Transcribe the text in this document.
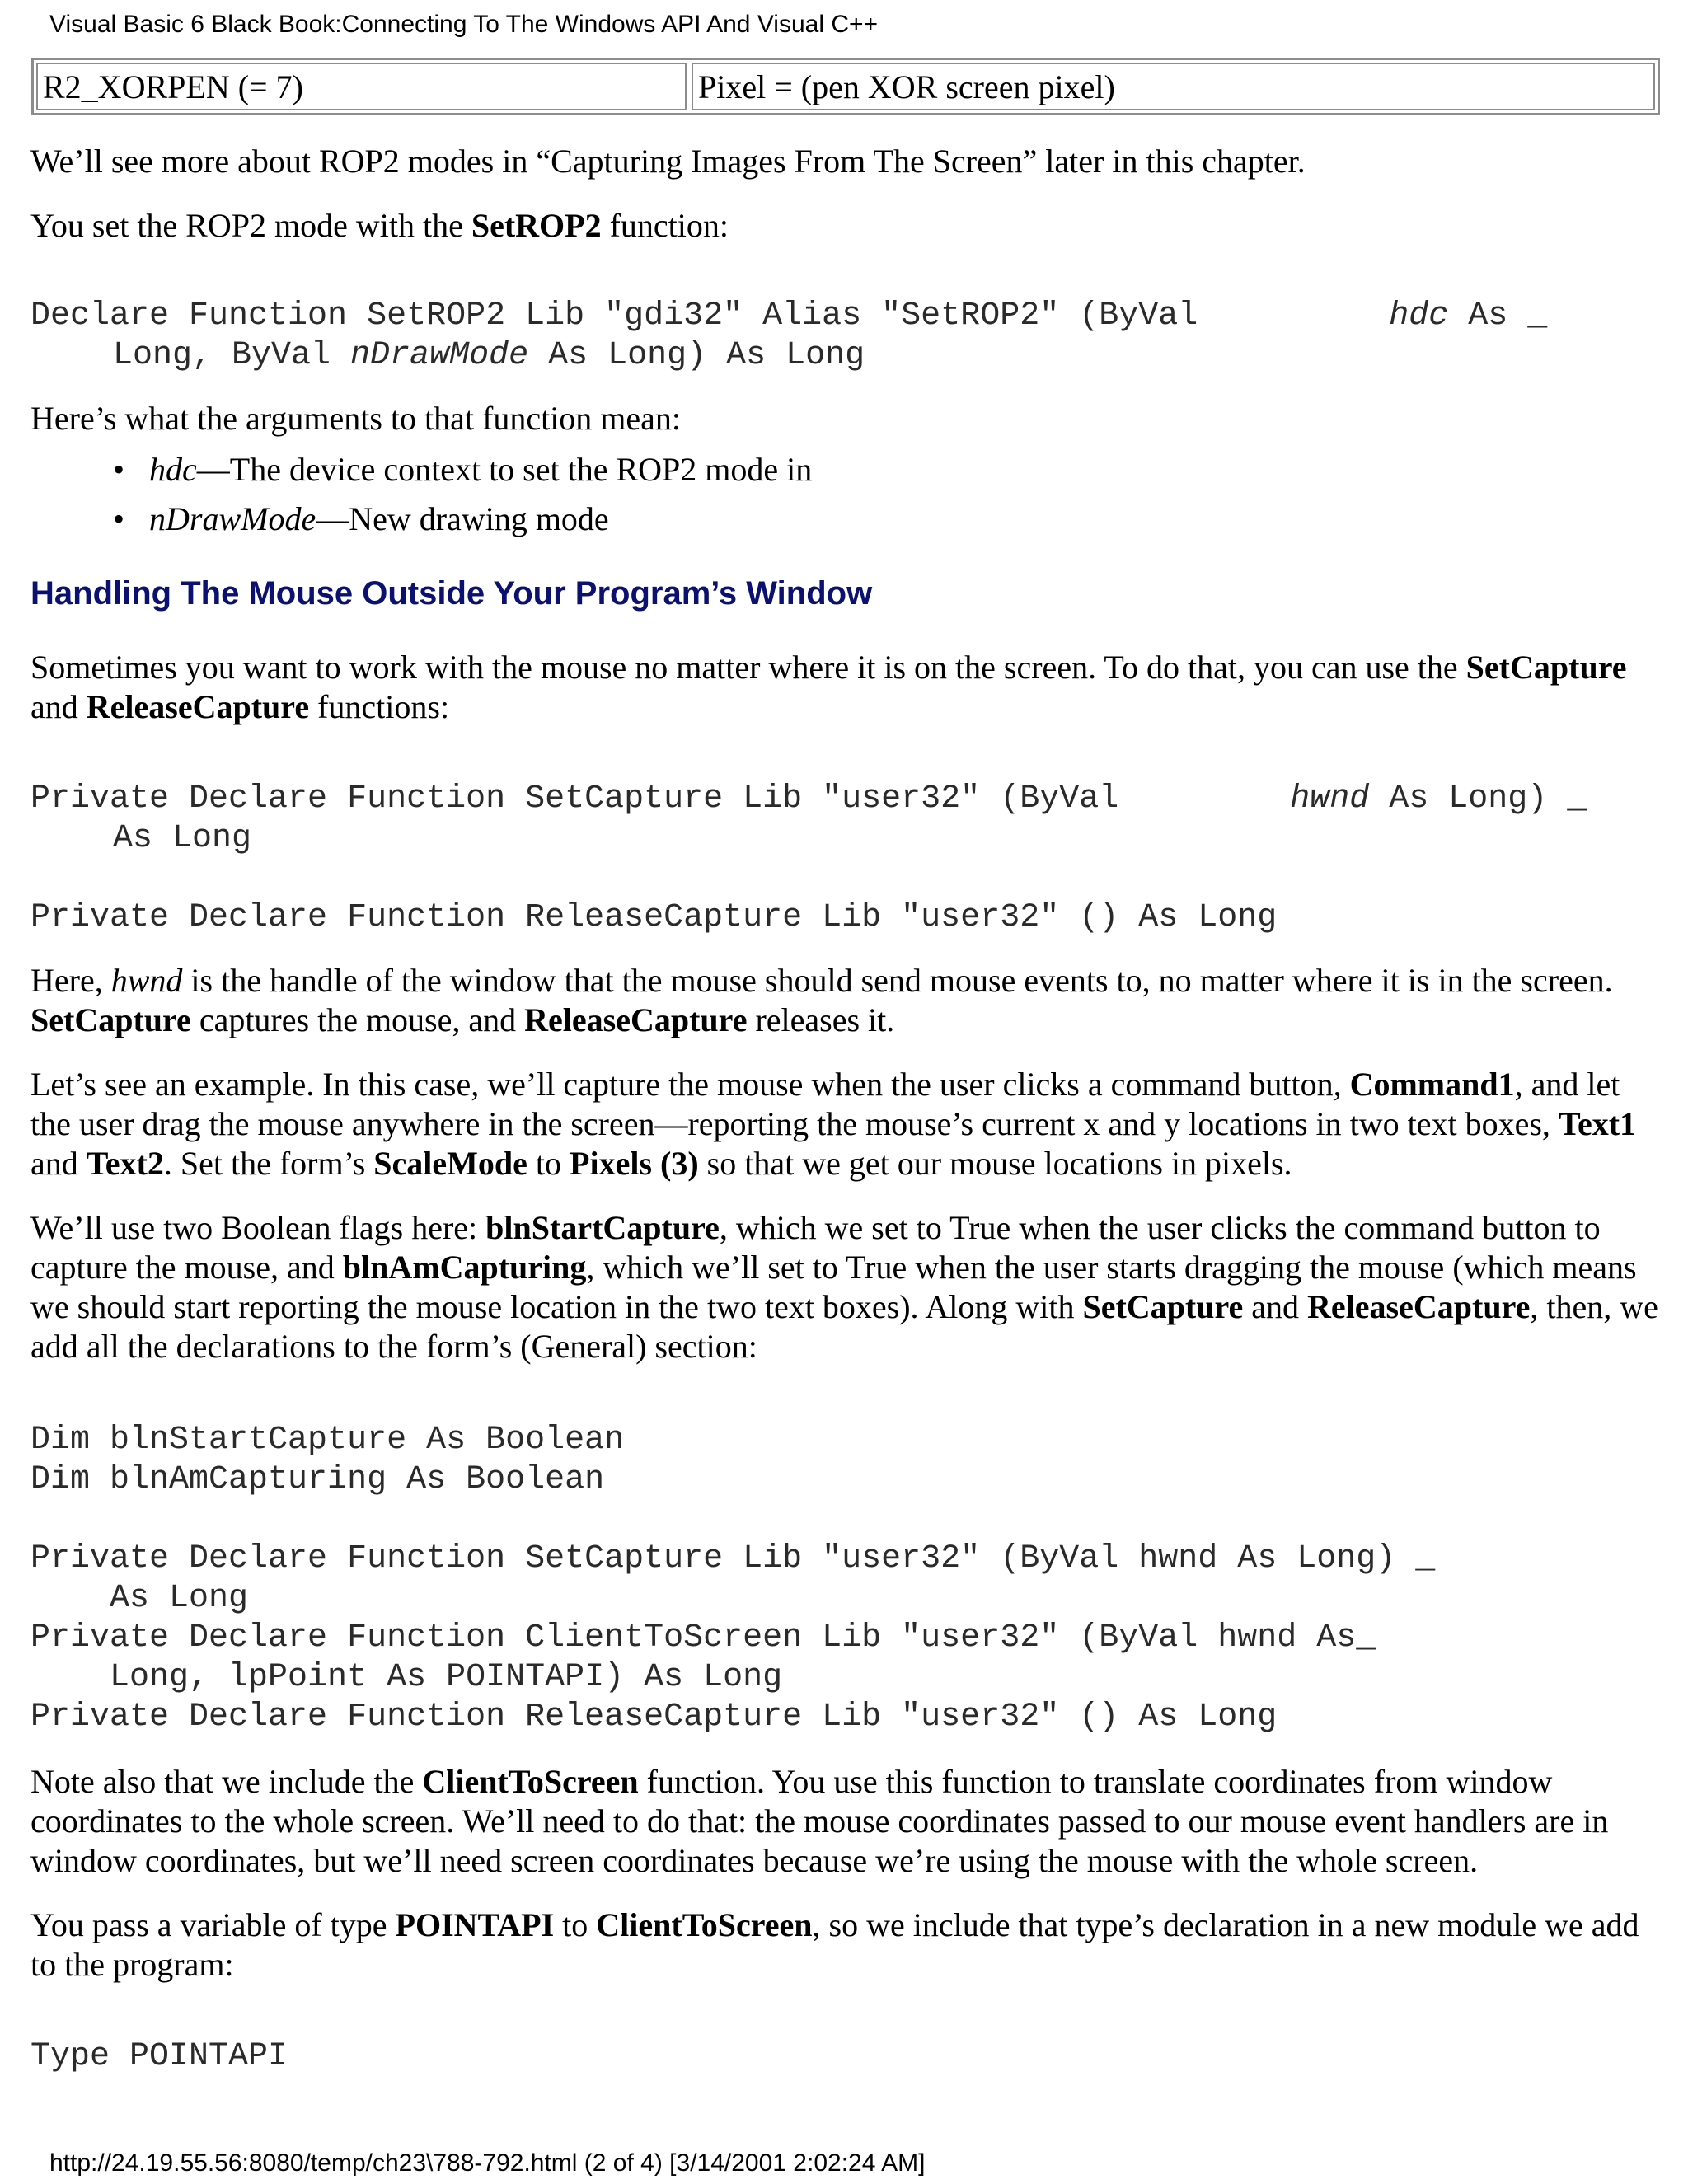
Visual Basic 6 Black Book:Connecting To The Windows API And Visual C++
R2_XORPEN (= 7)	Pixel = (pen XOR screen pixel)
We’ll see more about ROP2 modes in “Capturing Images From The Screen” later in this chapter.
You set the ROP2 mode with the SetROP2 function:
Declare Function SetROP2 Lib "gdi32" Alias "SetROP2" (ByVal	hdc As _
Long, ByVal nDrawMode As Long) As Long
Here’s what the arguments to that function mean:
• hdc—The device context to set the ROP2 mode in
• nDrawMode—New drawing mode
Handling The Mouse Outside Your Program’s Window
Sometimes you want to work with the mouse no matter where it is on the screen. To do that, you can use the SetCapture and ReleaseCapture functions:
Private Declare Function SetCapture Lib "user32" (ByVal	hwnd As Long) _
As Long
Private Declare Function ReleaseCapture Lib "user32" () As Long
Here, hwnd is the handle of the window that the mouse should send mouse events to, no matter where it is in the screen. SetCapture captures the mouse, and ReleaseCapture releases it.
Let’s see an example. In this case, we’ll capture the mouse when the user clicks a command button, Command1, and let the user drag the mouse anywhere in the screen—reporting the mouse’s current x and y locations in two text boxes, Text1 and Text2. Set the form’s ScaleMode to Pixels (3) so that we get our mouse locations in pixels.
We’ll use two Boolean flags here: blnStartCapture, which we set to True when the user clicks the command button to capture the mouse, and blnAmCapturing, which we’ll set to True when the user starts dragging the mouse (which means we should start reporting the mouse location in the two text boxes). Along with SetCapture and ReleaseCapture, then, we add all the declarations to the form’s (General) section:
Dim blnStartCapture As Boolean
Dim blnAmCapturing As Boolean

Private Declare Function SetCapture Lib "user32" (ByVal hwnd As Long) _
As Long
Private Declare Function ClientToScreen Lib "user32" (ByVal hwnd As_
Long, lpPoint As POINTAPI) As Long
Private Declare Function ReleaseCapture Lib "user32" () As Long
Note also that we include the ClientToScreen function. You use this function to translate coordinates from window coordinates to the whole screen. We’ll need to do that: the mouse coordinates passed to our mouse event handlers are in window coordinates, but we’ll need screen coordinates because we’re using the mouse with the whole screen.
You pass a variable of type POINTAPI to ClientToScreen, so we include that type’s declaration in a new module we add to the program:
Type POINTAPI
http://24.19.55.56:8080/temp/ch23\788-792.html (2 of 4) [3/14/2001 2:02:24 AM]
